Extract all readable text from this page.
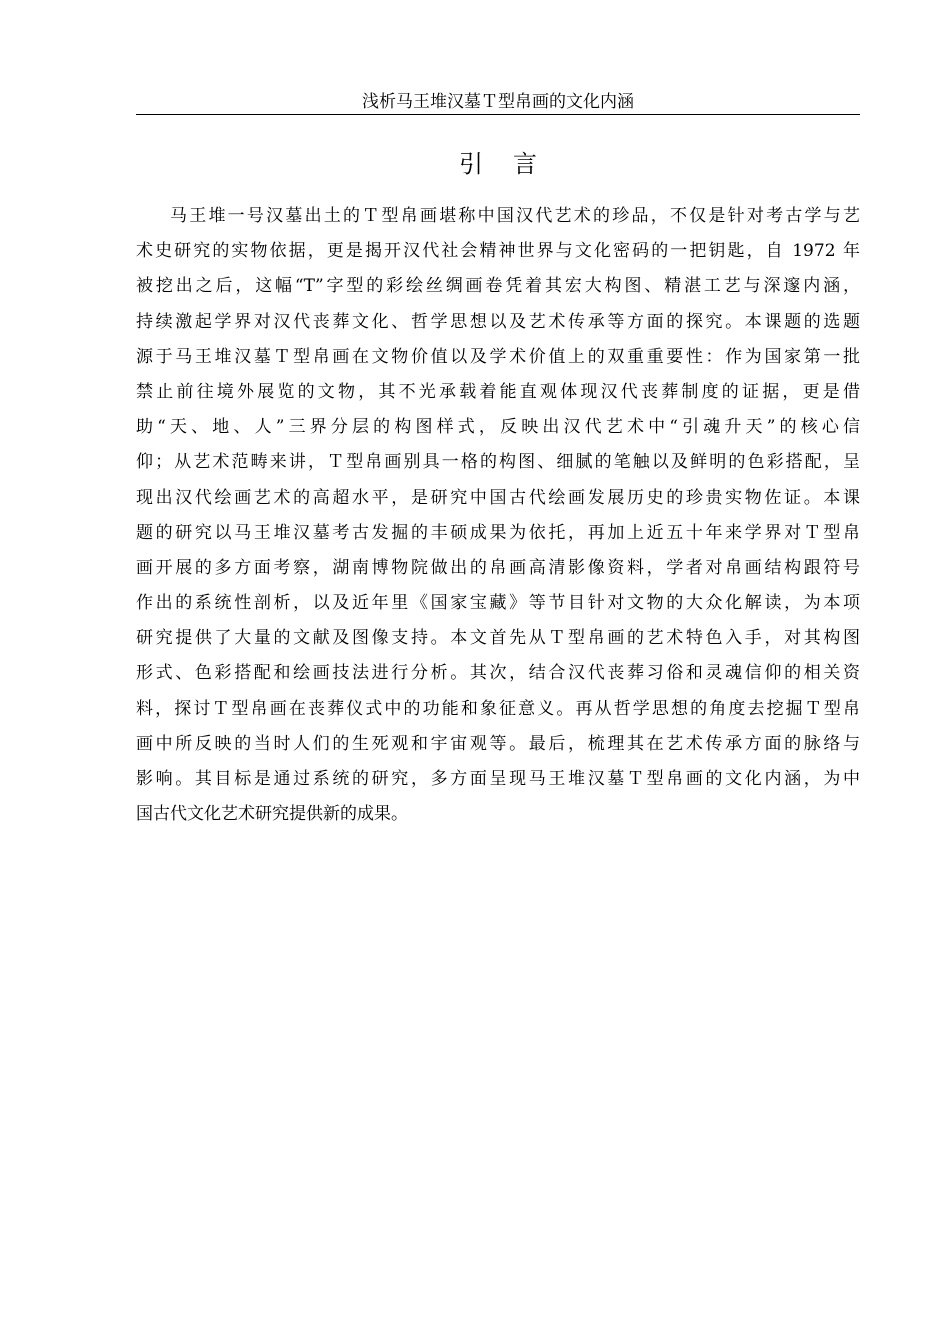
浅析马王堆汉墓Ｔ型帛画的文化内涵
引言
马王堆一号汉墓出土的Ｔ型帛画堪称中国汉代艺术的珍品，不仅是针对考古学与艺
术史研究的实物依据，更是揭开汉代社会精神世界与文化密码的一把钥匙，自 1972 年
被挖出之后，这幅“T”字型的彩绘丝绸画卷凭着其宏大构图、精湛工艺与深邃内涵，
持续激起学界对汉代丧葬文化、哲学思想以及艺术传承等方面的探究。本课题的选题
源于马王堆汉墓Ｔ型帛画在文物价值以及学术价值上的双重重要性：作为国家第一批
禁止前往境外展览的文物，其不光承载着能直观体现汉代丧葬制度的证据，更是借
助“天、地、人”三界分层的构图样式，反映出汉代艺术中“引魂升天”的核心信
仰；从艺术范畴来讲，Ｔ型帛画别具一格的构图、细腻的笔触以及鲜明的色彩搭配，呈
现出汉代绘画艺术的高超水平，是研究中国古代绘画发展历史的珍贵实物佐证。本课
题的研究以马王堆汉墓考古发掘的丰硕成果为依托，再加上近五十年来学界对Ｔ型帛
画开展的多方面考察，湖南博物院做出的帛画高清影像资料，学者对帛画结构跟符号
作出的系统性剖析，以及近年里《国家宝藏》等节目针对文物的大众化解读，为本项
研究提供了大量的文献及图像支持。本文首先从Ｔ型帛画的艺术特色入手，对其构图
形式、色彩搭配和绘画技法进行分析。其次，结合汉代丧葬习俗和灵魂信仰的相关资
料，探讨Ｔ型帛画在丧葬仪式中的功能和象征意义。再从哲学思想的角度去挖掘Ｔ型帛
画中所反映的当时人们的生死观和宇宙观等。最后，梳理其在艺术传承方面的脉络与
影响。其目标是通过系统的研究，多方面呈现马王堆汉墓Ｔ型帛画的文化内涵，为中
国古代文化艺术研究提供新的成果。
